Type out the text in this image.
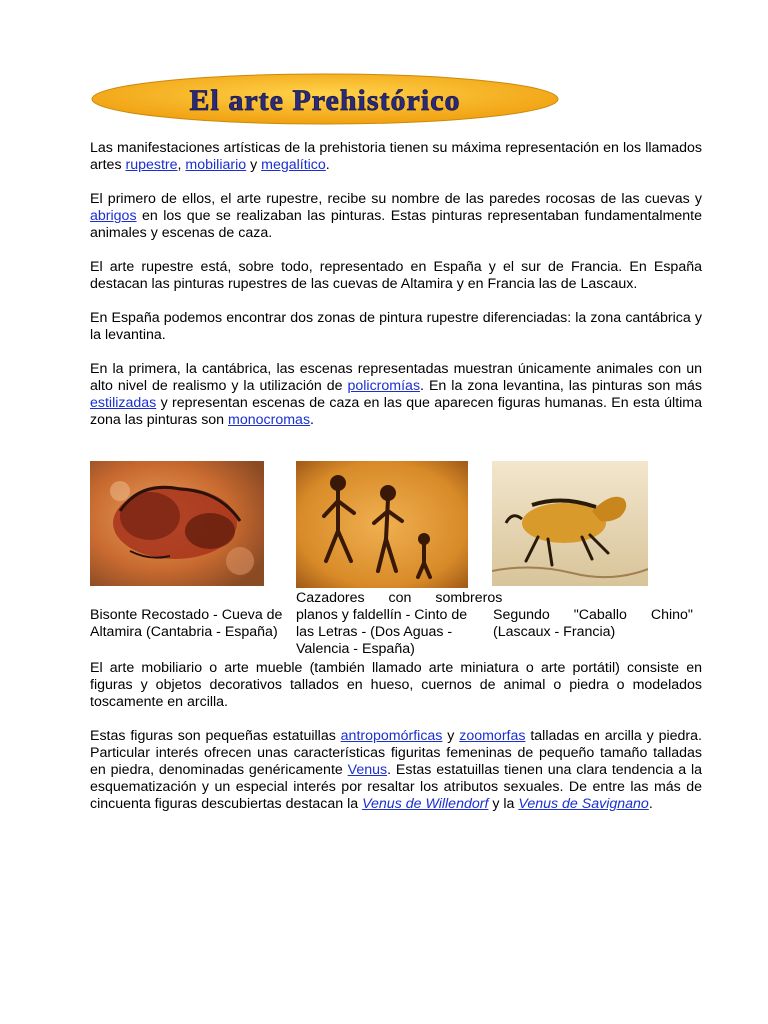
El arte Prehistórico

Las manifestaciones artísticas de la prehistoria tienen su máxima representación en los llamados artes rupestre, mobiliario y megalítico.

El primero de ellos, el arte rupestre, recibe su nombre de las paredes rocosas de las cuevas y abrigos en los que se realizaban las pinturas. Estas pinturas representaban fundamentalmente animales y escenas de caza.

El arte rupestre está, sobre todo, representado en España y el sur de Francia. En España destacan las pinturas rupestres de las cuevas de Altamira y en Francia las de Lascaux.

En España podemos encontrar dos zonas de pintura rupestre diferenciadas: la zona cantábrica y la levantina.

En la primera, la cantábrica, las escenas representadas muestran únicamente animales con un alto nivel de realismo y la utilización de policromías. En la zona levantina, las pinturas son más estilizadas y representan escenas de caza en las que aparecen figuras humanas. En esta última zona las pinturas son monocromas.

Bisonte Recostado - Cueva de
Altamira (Cantabria - España)
Cazadores con sombreros
planos y faldellín - Cinto de
las Letras - (Dos Aguas -
Valencia - España)
Segundo "Caballo Chino"
(Lascaux - Francia)

El arte mobiliario o arte mueble (también llamado arte miniatura o arte portátil) consiste en figuras y objetos decorativos tallados en hueso, cuernos de animal o piedra o modelados toscamente en arcilla.

Estas figuras son pequeñas estatuillas antropomórficas y zoomorfas talladas en arcilla y piedra. Particular interés ofrecen unas características figuritas femeninas de pequeño tamaño talladas en piedra, denominadas genéricamente Venus. Estas estatuillas tienen una clara tendencia a la esquematización y un especial interés por resaltar los atributos sexuales. De entre las más de cincuenta figuras descubiertas destacan la Venus de Willendorf y la Venus de Savignano.
